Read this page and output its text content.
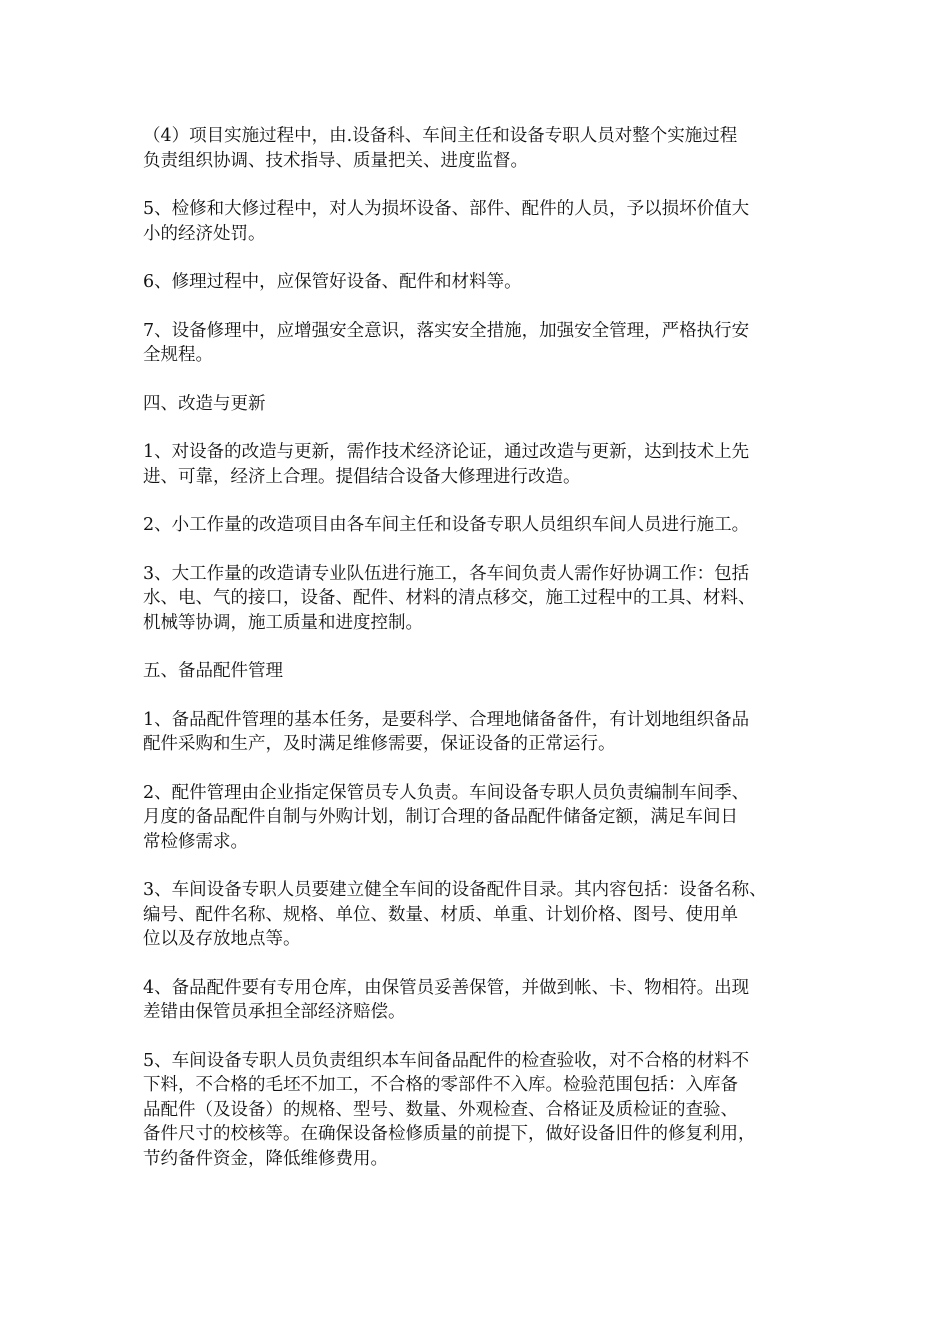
（4）项目实施过程中，由.设备科、车间主任和设备专职人员对整个实施过程
负责组织协调、技术指导、质量把关、进度监督。

5、检修和大修过程中，对人为损坏设备、部件、配件的人员，予以损坏价值大
小的经济处罚。

6、修理过程中，应保管好设备、配件和材料等。

7、设备修理中，应增强安全意识，落实安全措施，加强安全管理，严格执行安
全规程。

四、改造与更新

1、对设备的改造与更新，需作技术经济论证，通过改造与更新，达到技术上先
进、可靠，经济上合理。提倡结合设备大修理进行改造。

2、小工作量的改造项目由各车间主任和设备专职人员组织车间人员进行施工。

3、大工作量的改造请专业队伍进行施工，各车间负责人需作好协调工作：包括
水、电、气的接口，设备、配件、材料的清点移交，施工过程中的工具、材料、
机械等协调，施工质量和进度控制。

五、备品配件管理

1、备品配件管理的基本任务，是要科学、合理地储备备件，有计划地组织备品
配件采购和生产，及时满足维修需要，保证设备的正常运行。

2、配件管理由企业指定保管员专人负责。车间设备专职人员负责编制车间季、
月度的备品配件自制与外购计划，制订合理的备品配件储备定额，满足车间日
常检修需求。

3、车间设备专职人员要建立健全车间的设备配件目录。其内容包括：设备名称、
编号、配件名称、规格、单位、数量、材质、单重、计划价格、图号、使用单
位以及存放地点等。

4、备品配件要有专用仓库，由保管员妥善保管，并做到帐、卡、物相符。出现
差错由保管员承担全部经济赔偿。

5、车间设备专职人员负责组织本车间备品配件的检查验收，对不合格的材料不
下料，不合格的毛坯不加工，不合格的零部件不入库。检验范围包括：入库备
品配件（及设备）的规格、型号、数量、外观检查、合格证及质检证的查验、
备件尺寸的校核等。在确保设备检修质量的前提下，做好设备旧件的修复利用，
节约备件资金，降低维修费用。
